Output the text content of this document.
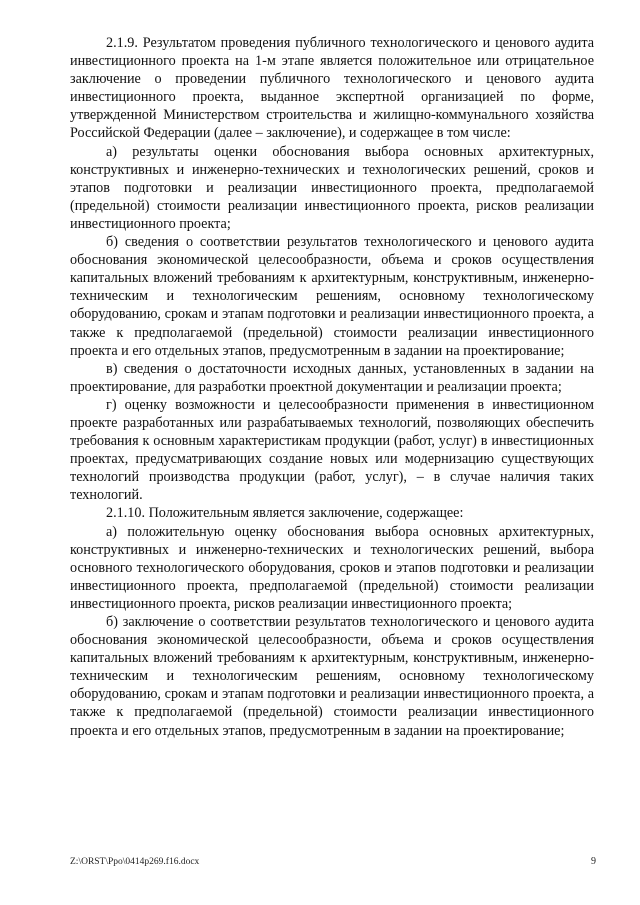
2.1.9. Результатом проведения публичного технологического и ценового аудита инвестиционного проекта на 1-м этапе является положительное или отрицательное заключение о проведении публичного технологического и ценового аудита инвестиционного проекта, выданное экспертной организацией по форме, утвержденной Министерством строительства и жилищно-коммунального хозяйства Российской Федерации (далее – заключение), и содержащее в том числе:

а) результаты оценки обоснования выбора основных архитектурных, конструктивных и инженерно-технических и технологических решений, сроков и этапов подготовки и реализации инвестиционного проекта, предполагаемой (предельной) стоимости реализации инвестиционного проекта, рисков реализации инвестиционного проекта;

б) сведения о соответствии результатов технологического и ценового аудита обоснования экономической целесообразности, объема и сроков осуществления капитальных вложений требованиям к архитектурным, конструктивным, инженерно-техническим и технологическим решениям, основному технологическому оборудованию, срокам и этапам подготовки и реализации инвестиционного проекта, а также к предполагаемой (предельной) стоимости реализации инвестиционного проекта и его отдельных этапов, предусмотренным в задании на проектирование;

в) сведения о достаточности исходных данных, установленных в задании на проектирование, для разработки проектной документации и реализации проекта;

г) оценку возможности и целесообразности применения в инвестиционном проекте разработанных или разрабатываемых технологий, позволяющих обеспечить требования к основным характеристикам продукции (работ, услуг) в инвестиционных проектах, предусматривающих создание новых или модернизацию существующих технологий производства продукции (работ, услуг), – в случае наличия таких технологий.

2.1.10. Положительным является заключение, содержащее:

а) положительную оценку обоснования выбора основных архитектурных, конструктивных и инженерно-технических и технологических решений, выбора основного технологического оборудования, сроков и этапов подготовки и реализации инвестиционного проекта, предполагаемой (предельной) стоимости реализации инвестиционного проекта, рисков реализации инвестиционного проекта;

б) заключение о соответствии результатов технологического и ценового аудита обоснования экономической целесообразности, объема и сроков осуществления капитальных вложений требованиям к архитектурным, конструктивным, инженерно-техническим и технологическим решениям, основному технологическому оборудованию, срокам и этапам подготовки и реализации инвестиционного проекта, а также к предполагаемой (предельной) стоимости реализации инвестиционного проекта и его отдельных этапов, предусмотренным в задании на проектирование;

Z:\ORST\Ppo\0414p269.f16.docx	9
